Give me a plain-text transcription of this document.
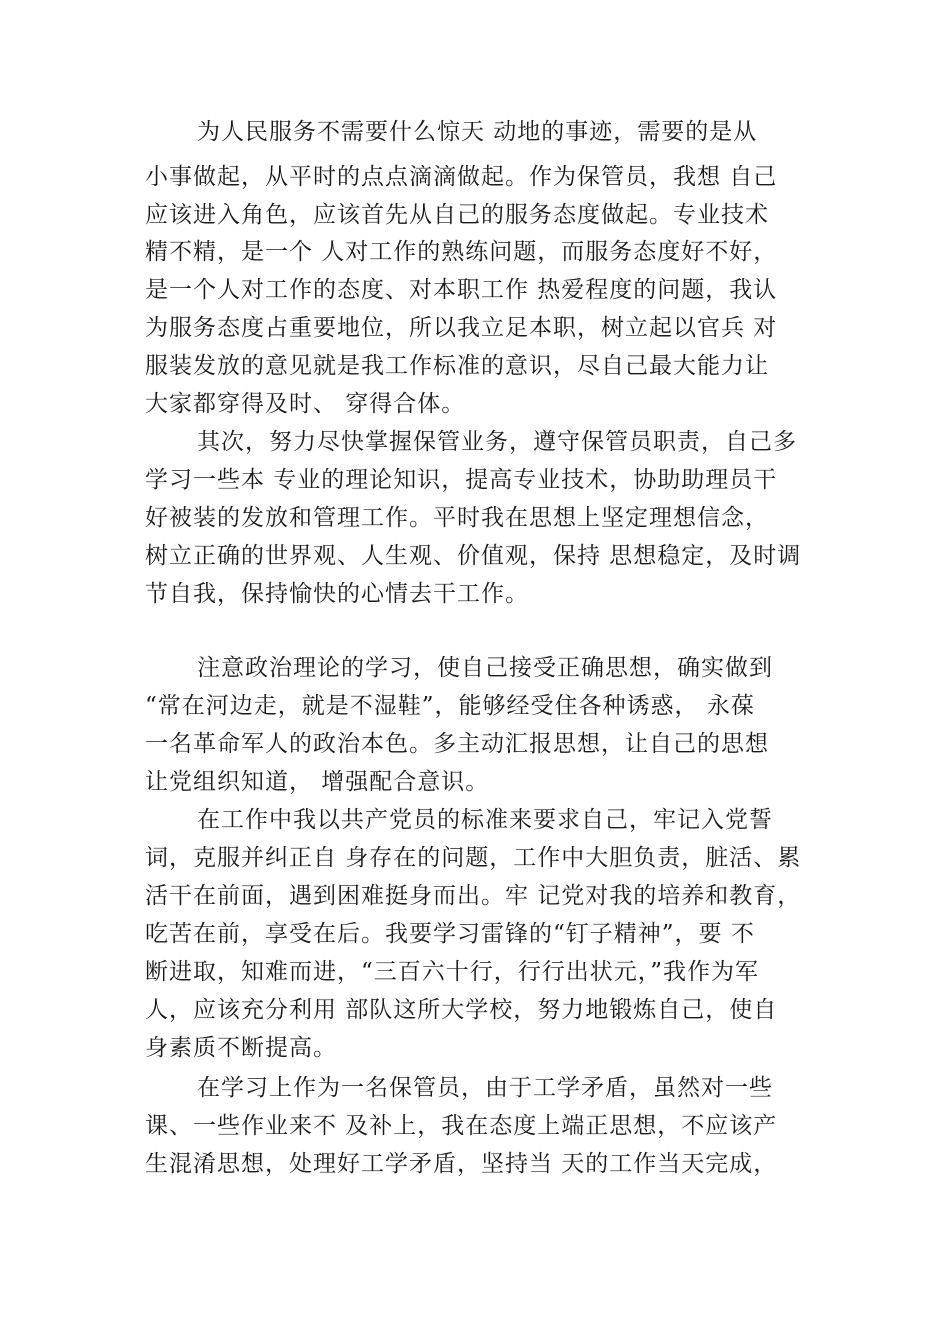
为人民服务不需要什么惊天 动地的事迹，需要的是从
小事做起，从平时的点点滴滴做起。作为保管员，我想 自己
应该进入角色，应该首先从自己的服务态度做起。专业技术
精不精，是一个 人对工作的熟练问题，而服务态度好不好，
是一个人对工作的态度、对本职工作 热爱程度的问题，我认
为服务态度占重要地位，所以我立足本职，树立起以官兵 对
服装发放的意见就是我工作标准的意识，尽自己最大能力让
大家都穿得及时、 穿得合体。
其次，努力尽快掌握保管业务，遵守保管员职责，自己多
学习一些本 专业的理论知识，提高专业技术，协助助理员干
好被装的发放和管理工作。平时我在思想上坚定理想信念，
树立正确的世界观、人生观、价值观，保持 思想稳定，及时调
节自我，保持愉快的心情去干工作。
注意政治理论的学习，使自己接受正确思想，确实做到
“常在河边走，就是不湿鞋”，能够经受住各种诱惑， 永葆
一名革命军人的政治本色。多主动汇报思想，让自己的思想
让党组织知道， 增强配合意识。
在工作中我以共产党员的标准来要求自己，牢记入党誓
词，克服并纠正自 身存在的问题，工作中大胆负责，脏活、累
活干在前面，遇到困难挺身而出。牢 记党对我的培养和教育，
吃苦在前，享受在后。我要学习雷锋的“钉子精神”，要 不
断进取，知难而进，“三百六十行，行行出状元，”我作为军
人，应该充分利用 部队这所大学校，努力地锻炼自己，使自
身素质不断提高。
在学习上作为一名保管员，由于工学矛盾，虽然对一些
课、一些作业来不 及补上，我在态度上端正思想，不应该产
生混淆思想，处理好工学矛盾，坚持当 天的工作当天完成，
